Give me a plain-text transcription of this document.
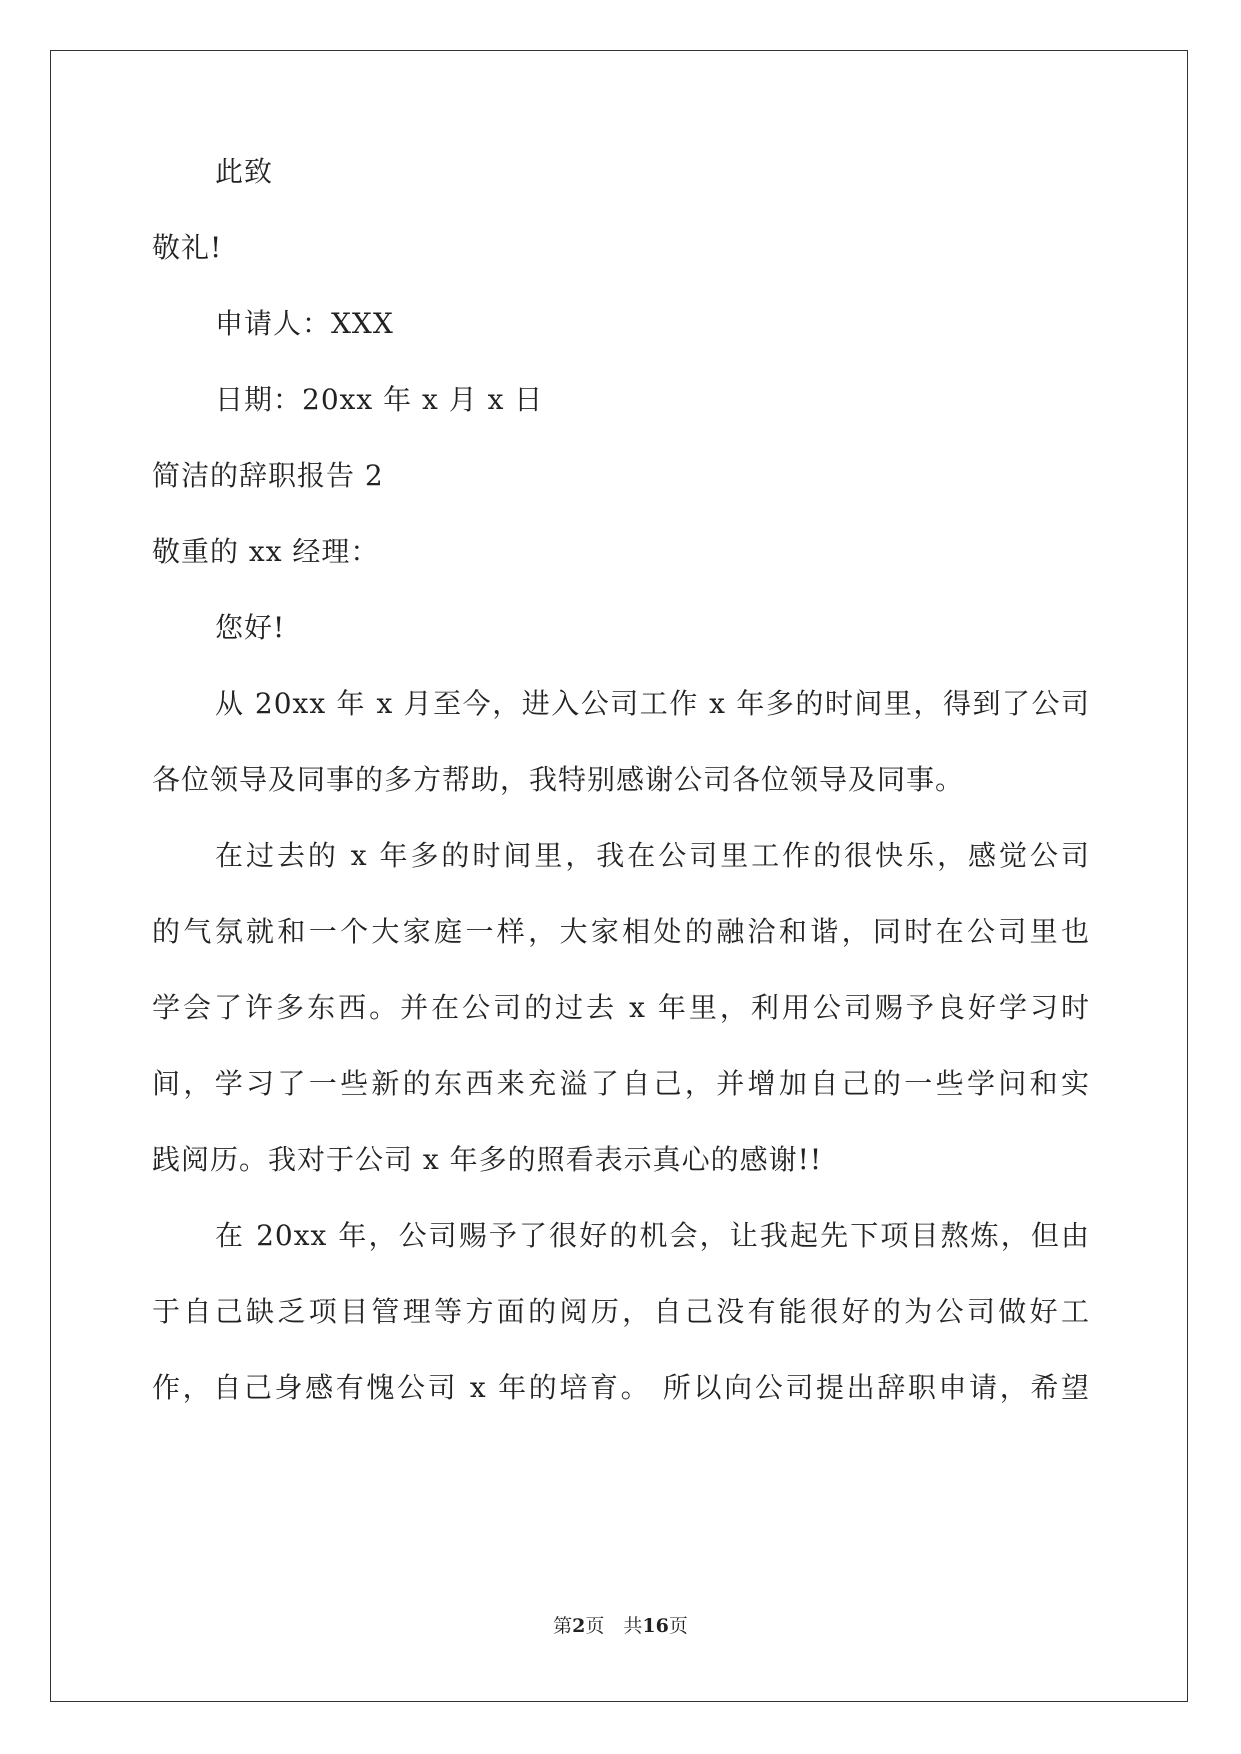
此致
敬礼!
申请人：XXX
日期：20xx 年 x 月 x 日
简洁的辞职报告 2
敬重的 xx 经理：
您好!
从 20xx 年 x 月至今，进入公司工作 x 年多的时间里，得到了公司
各位领导及同事的多方帮助，我特别感谢公司各位领导及同事。
在过去的 x 年多的时间里，我在公司里工作的很快乐，感觉公司
的气氛就和一个大家庭一样，大家相处的融洽和谐，同时在公司里也
学会了许多东西。并在公司的过去 x 年里，利用公司赐予良好学习时
间，学习了一些新的东西来充溢了自己，并增加自己的一些学问和实
践阅历。我对于公司 x 年多的照看表示真心的感谢!!
在 20xx 年，公司赐予了很好的机会，让我起先下项目熬炼，但由
于自己缺乏项目管理等方面的阅历，自己没有能很好的为公司做好工
作，自己身感有愧公司 x 年的培育。 所以向公司提出辞职申请，希望
第2页　共16页
